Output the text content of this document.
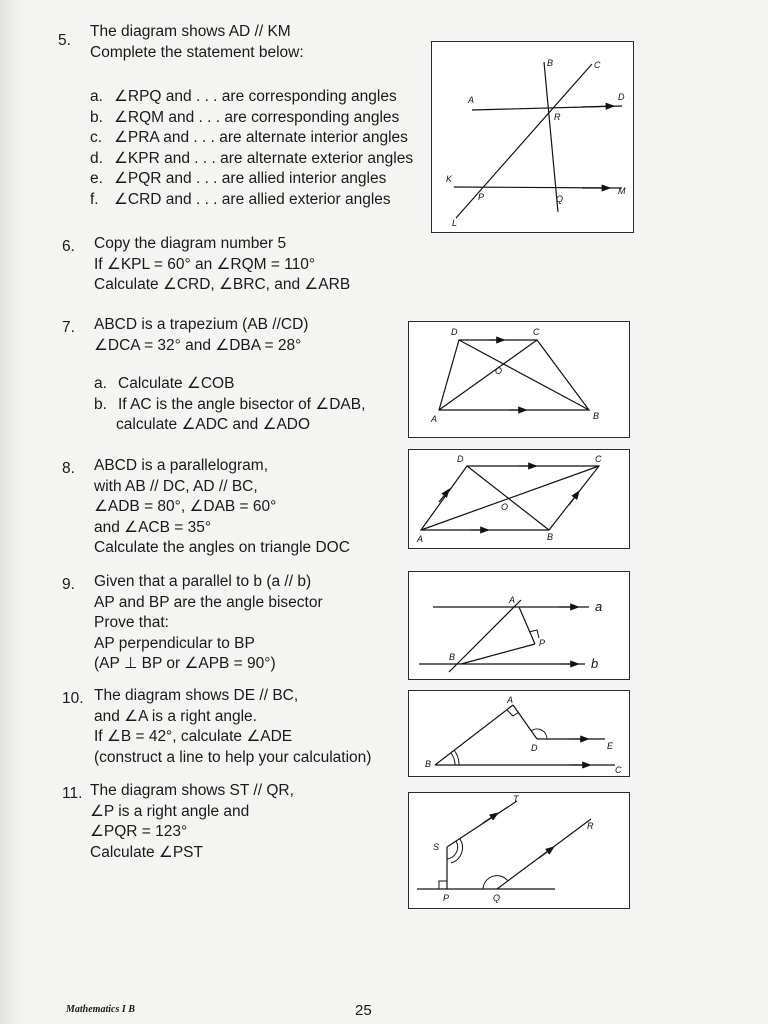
5.
The diagram shows AD // KM
Complete the statement below:
a. ∠RPQ and . . . are corresponding angles
b. ∠RQM and . . . are corresponding angles
c. ∠PRA and . . . are alternate interior angles
d. ∠KPR and . . . are alternate exterior angles
e. ∠PQR and . . . are allied interior angles
f. ∠CRD and . . . are allied exterior angles
B	C
A	D
R
K
P	Q
M
L
6. Copy the diagram number 5
If ∠KPL = 60° an ∠RQM = 110°
Calculate ∠CRD, ∠BRC, and ∠ARB
7. ABCD is a trapezium (AB //CD)
∠DCA = 32° and ∠DBA = 28°
a. Calculate ∠COB
b. If AC is the angle bisector of ∠DAB,
calculate ∠ADC and ∠ADO
D	C
O
A	B
8. ABCD is a parallelogram,
with AB // DC, AD // BC,
∠ADB = 80°, ∠DAB = 60°
and ∠ACB = 35°
Calculate the angles on triangle DOC
D	C
O
A	B
9. Given that a parallel to b (a // b)
AP and BP are the angle bisector
Prove that:
AP perpendicular to BP
(AP ⊥ BP or ∠APB = 90°)
A	a
P
B	b
10. The diagram shows DE // BC,
and ∠A is a right angle.
If ∠B = 42°, calculate ∠ADE
(construct a line to help your calculation)
A
D	E
B
C
11. The diagram shows ST // QR,
∠P is a right angle and
∠PQR = 123°
Calculate ∠PST
T
R
S
P	Q
Mathematics I B	25
